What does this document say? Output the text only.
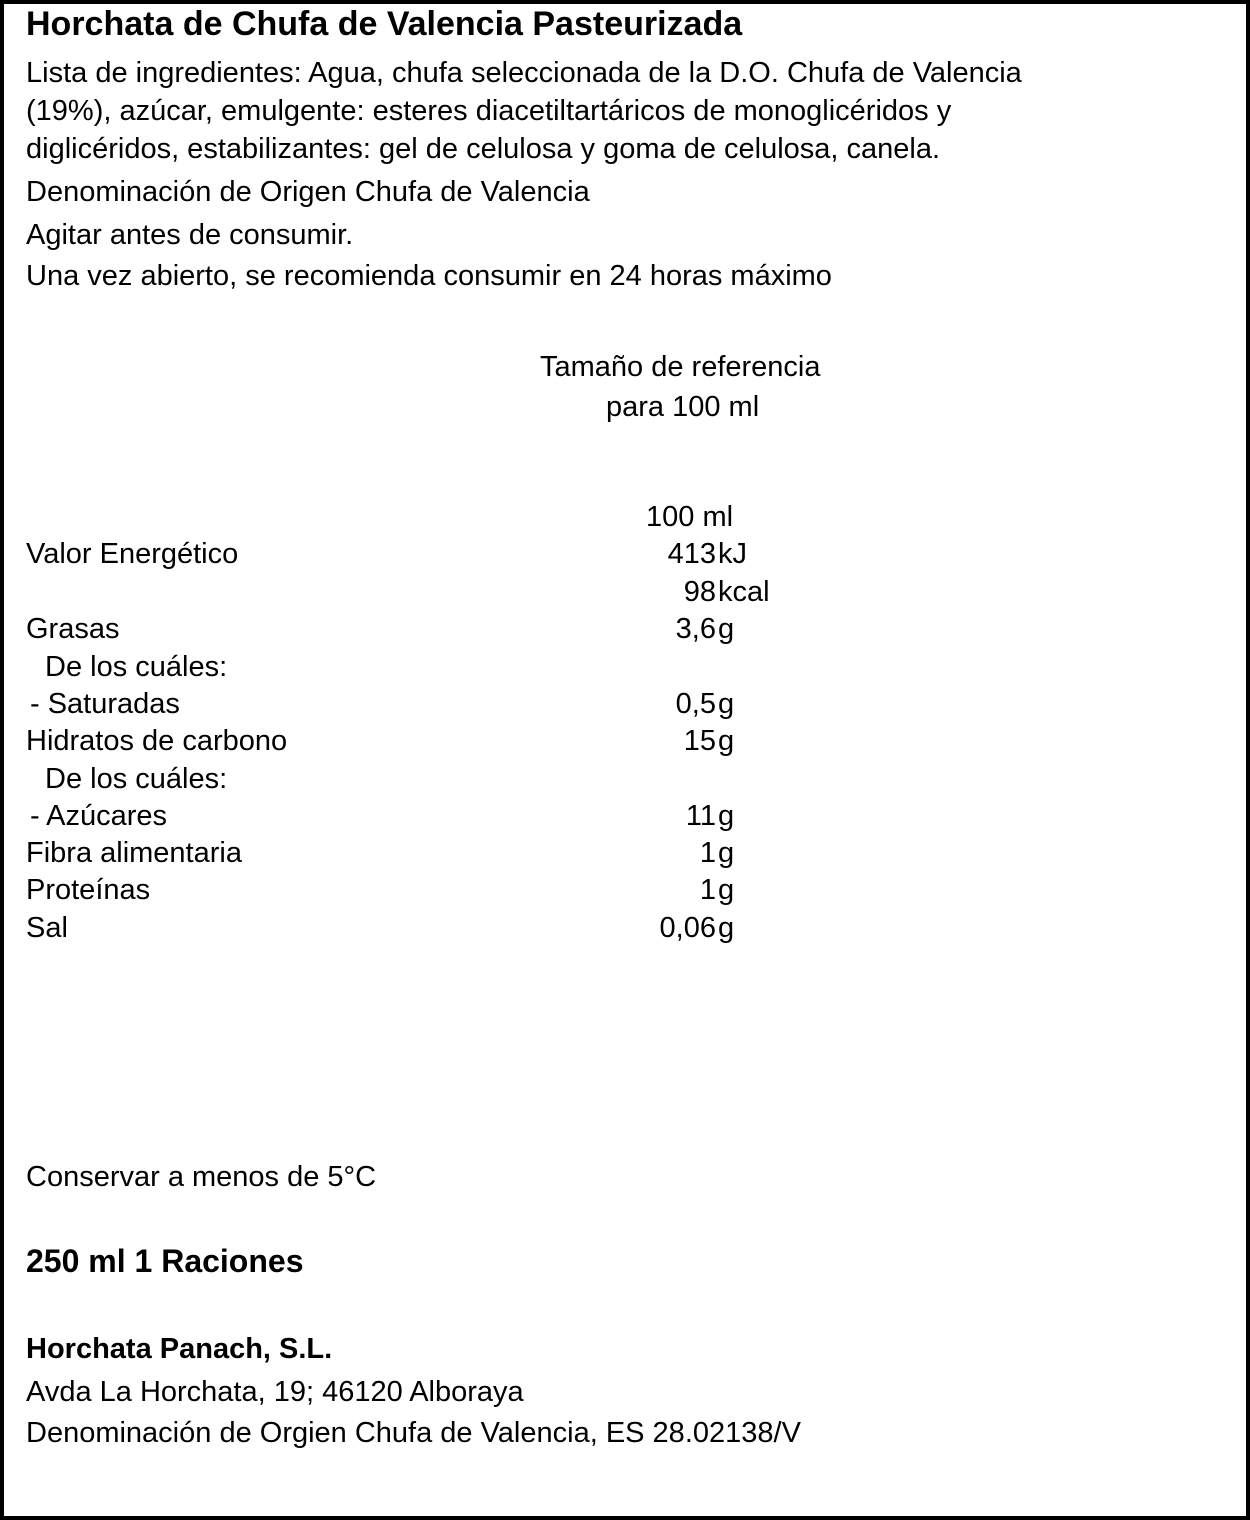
Horchata de Chufa de Valencia Pasteurizada
Lista de ingredientes: Agua, chufa seleccionada de la D.O. Chufa de Valencia
(19%), azúcar, emulgente: esteres diacetiltartáricos de monoglicéridos y
diglicéridos, estabilizantes: gel de celulosa y goma de celulosa, canela.
Denominación de Origen Chufa de Valencia
Agitar antes de consumir.
Una vez abierto, se recomienda consumir en 24 horas máximo
Tamaño de referencia
para 100 ml
100 ml
Valor Energético	413 kJ
98 kcal
Grasas	3,6 g
De los cuáles:
- Saturadas	0,5 g
Hidratos de carbono	15 g
De los cuáles:
- Azúcares	11 g
Fibra alimentaria	1 g
Proteínas	1 g
Sal	0,06 g
Conservar a menos de 5°C
250 ml 1 Raciones
Horchata Panach, S.L.
Avda La Horchata, 19; 46120 Alboraya
Denominación de Orgien Chufa de Valencia, ES 28.02138/V
